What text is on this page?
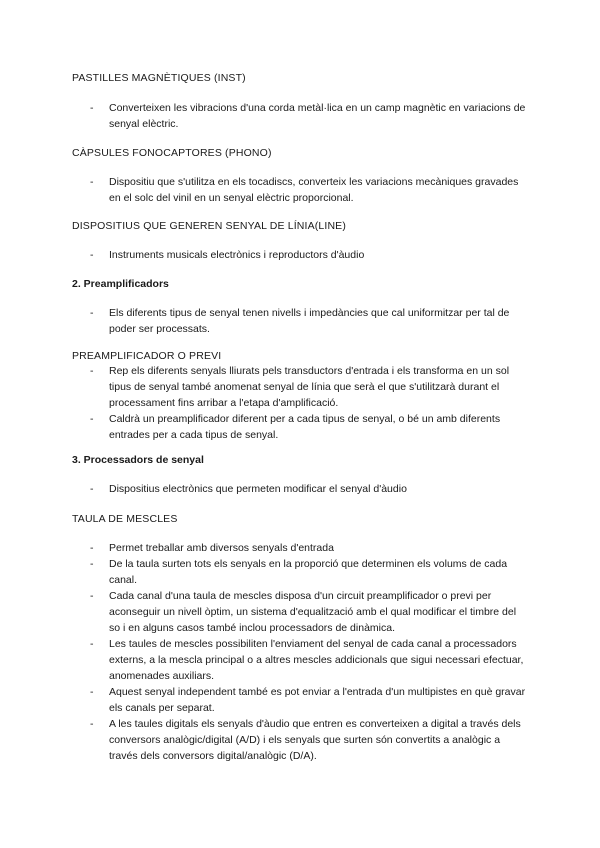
PASTILLES MAGNÈTIQUES (INST)
- Converteixen les vibracions d'una corda metàl·lica en un camp magnètic en variacions de senyal elèctric.
CÀPSULES FONOCAPTORES (PHONO)
- Dispositiu que s'utilitza en els tocadiscs, converteix les variacions mecàniques gravades en el solc del vinil en un senyal elèctric proporcional.
DISPOSITIUS QUE GENEREN SENYAL DE LÍNIA(LINE)
- Instruments musicals electrònics i reproductors d'àudio
2. Preamplificadors
- Els diferents tipus de senyal tenen nivells i impedàncies que cal uniformitzar per tal de poder ser processats.
PREAMPLIFICADOR O PREVI
- Rep els diferents senyals lliurats pels transductors d'entrada i els transforma en un sol tipus de senyal també anomenat senyal de línia que serà el que s'utilitzarà durant el processament fins arribar a l'etapa d'amplificació.
- Caldrà un preamplificador diferent per a cada tipus de senyal, o bé un amb diferents entrades per a cada tipus de senyal.
3. Processadors de senyal
- Dispositius electrònics que permeten modificar el senyal d'àudio
TAULA DE MESCLES
- Permet treballar amb diversos senyals d'entrada
- De la taula surten tots els senyals en la proporció que determinen els volums de cada canal.
- Cada canal d'una taula de mescles disposa d'un circuit preamplificador o previ per aconseguir un nivell òptim, un sistema d'equalització amb el qual modificar el timbre del so i en alguns casos també inclou processadors de dinàmica.
- Les taules de mescles possibiliten l'enviament del senyal de cada canal a processadors externs, a la mescla principal o a altres mescles addicionals que sigui necessari efectuar, anomenades auxiliars.
- Aquest senyal independent també es pot enviar a l'entrada d'un multipistes en què gravar els canals per separat.
- A les taules digitals els senyals d'àudio que entren es converteixen a digital a través dels conversors analògic/digital (A/D) i els senyals que surten són convertits a analògic a través dels conversors digital/analògic (D/A).
